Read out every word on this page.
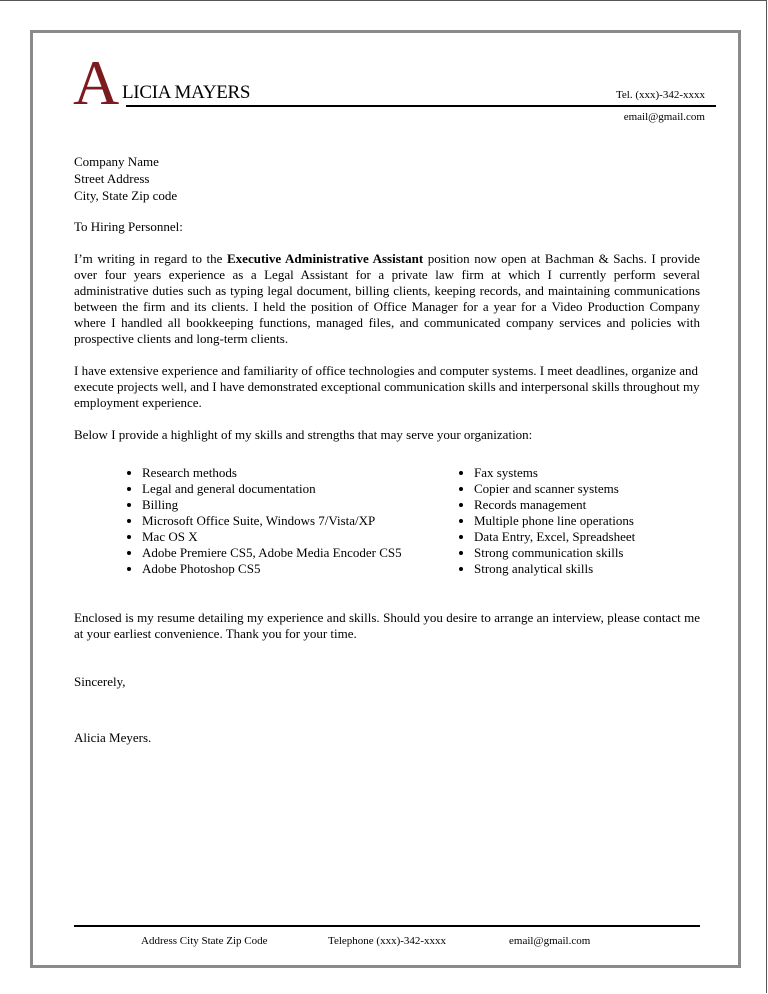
A LICIA MAYERS	Tel. (xxx)-342-xxxx
email@gmail.com
Company Name
Street Address
City, State Zip code

To Hiring Personnel:

I’m writing in regard to the Executive Administrative Assistant position now open at Bachman & Sachs. I provide over four years experience as a Legal Assistant for a private law firm at which I currently perform several administrative duties such as typing legal document, billing clients, keeping records, and maintaining communications between the firm and its clients. I held the position of Office Manager for a year for a Video Production Company where I handled all bookkeeping functions, managed files, and communicated company services and policies with prospective clients and long-term clients.

I have extensive experience and familiarity of office technologies and computer systems. I meet deadlines, organize and execute projects well, and I have demonstrated exceptional communication skills and interpersonal skills throughout my employment experience.

Below I provide a highlight of my skills and strengths that may serve your organization:

• Research methods
• Legal and general documentation
• Billing
• Microsoft Office Suite, Windows 7/Vista/XP
• Mac OS X
• Adobe Premiere CS5, Adobe Media Encoder CS5
• Adobe Photoshop CS5
• Fax systems
• Copier and scanner systems
• Records management
• Multiple phone line operations
• Data Entry, Excel, Spreadsheet
• Strong communication skills
• Strong analytical skills

Enclosed is my resume detailing my experience and skills. Should you desire to arrange an interview, please contact me at your earliest convenience. Thank you for your time.

Sincerely,

Alicia Meyers.

Address City State Zip Code	Telephone (xxx)-342-xxxx	email@gmail.com
